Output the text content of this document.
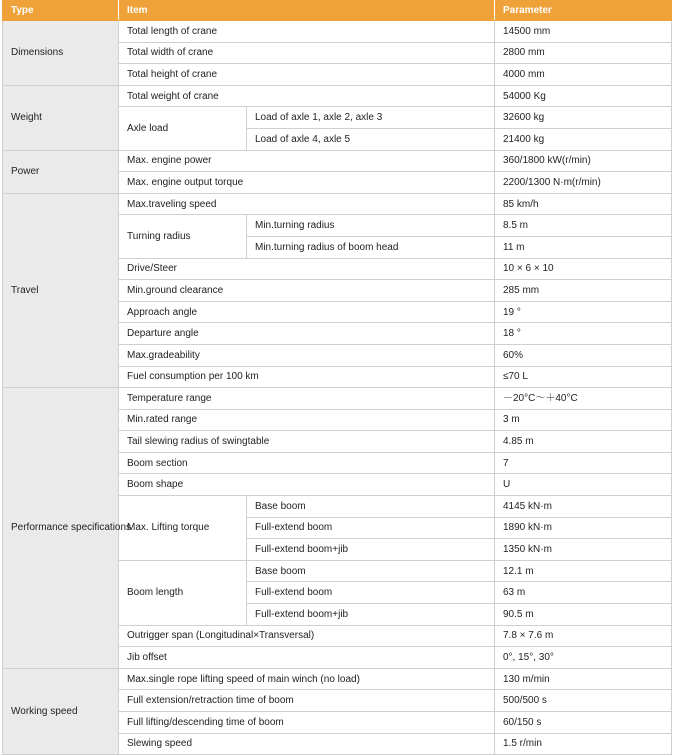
Type	Item		Parameter
Dimensions	Total length of crane		14500 mm
	Total width of crane		2800 mm
	Total height of crane		4000 mm
Weight	Total weight of crane		54000 Kg
	Axle load	Load of axle 1, axle 2, axle 3	32600 kg
		Load of axle 4, axle 5	21400 kg
Power	Max. engine power		360/1800 kW(r/min)
	Max. engine output torque		2200/1300 N·m(r/min)
Travel	Max.traveling speed		85 km/h
	Turning radius	Min.turning radius	8.5 m
		Min.turning radius of boom head	11 m
	Drive/Steer		10 × 6 × 10
	Min.ground clearance		285 mm
	Approach angle		19 °
	Departure angle		18 °
	Max.gradeability		60%
	Fuel consumption per 100 km		≤70 L
Performance specifications	Temperature range		－20°C～＋40°C
	Min.rated range		3 m
	Tail slewing radius of swingtable		4.85 m
	Boom section		7
	Boom shape		U
	Max. Lifting torque	Base boom	4145 kN·m
		Full-extend boom	1890 kN·m
		Full-extend boom+jib	1350 kN·m
	Boom length	Base boom	12.1 m
		Full-extend boom	63 m
		Full-extend boom+jib	90.5 m
	Outrigger span (Longitudinal×Transversal)		7.8 × 7.6 m
	Jib offset		0°, 15°, 30°
Working speed	Max.single rope lifting speed of main winch (no load)		130 m/min
	Full extension/retraction time of boom		500/500 s
	Full lifting/descending time of boom		60/150 s
	Slewing speed		1.5 r/min
